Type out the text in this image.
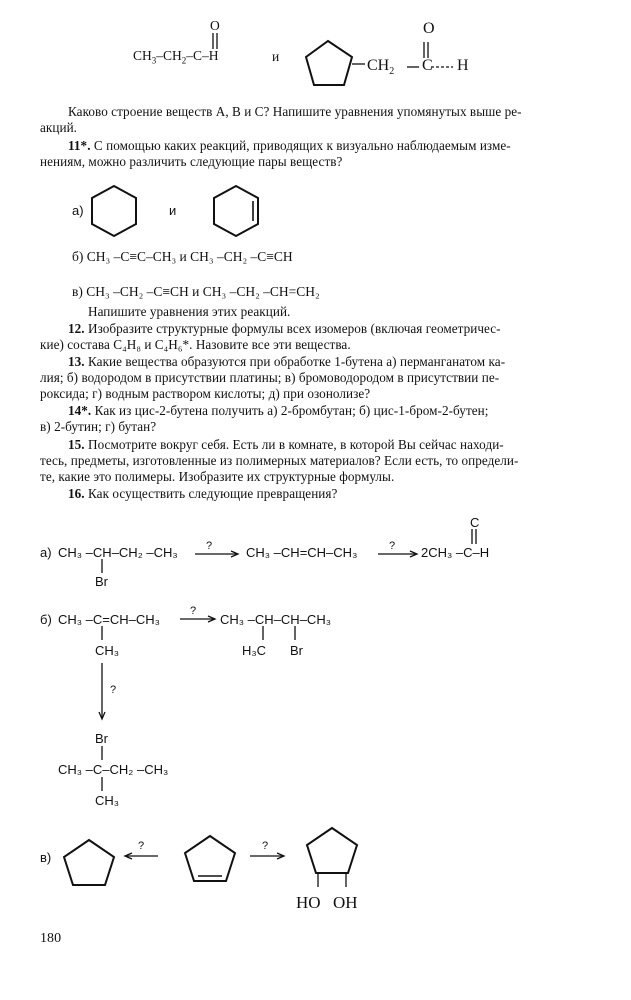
$CH_3-CH_2-C-H$
O
и
$CH_2$ C H
O
Каково строение веществ А, В и С? Напишите уравнения упомянутых выше ре-
акций.
11*. С помощью каких реакций, приводящих к визуально наблюдаемым изме-
нениям, можно различить следующие пары веществ?
а)	и
б) CH₃ –C≡C–CH₃ и CH₃ –CH₂ –C≡CH
в) CH₃ –CH₂ –C≡CH и CH₃ –CH₂ –CH=CH₂
Напишите уравнения этих реакций.
12. Изобразите структурные формулы всех изомеров (включая геометричес-
кие) состава C₄H₈ и C₄H₆*. Назовите все эти вещества.
13. Какие вещества образуются при обработке 1-бутена а) перманганатом ка-
лия; б) водородом в присутствии платины; в) бромоводородом в присутствии пе-
роксида; г) водным раствором кислоты; д) при озонолизе?
14*. Как из цис-2-бутена получить а) 2-бромбутан; б) цис-1-бром-2-бутен;
в) 2-бутин; г) бутан?
15. Посмотрите вокруг себя. Есть ли в комнате, в которой Вы сейчас находи-
тесь, предметы, изготовленные из полимерных материалов? Если есть, то определи-
те, какие это полимеры. Изобразите их структурные формулы.
16. Как осуществить следующие превращения?
а) CH₃ –CH–CH₂ –CH₃
Br
?	CH₃ –CH=CH–CH₃	? 2CH₃ –C–H
C
б) CH₃ –C=CH–CH₃
CH₃
?
CH₃ –CH–CH–CH₃
H₃C Br
?
Br
CH₃ –C–CH₂ –CH₃
CH₃
в)
?	?
HO OH
180
